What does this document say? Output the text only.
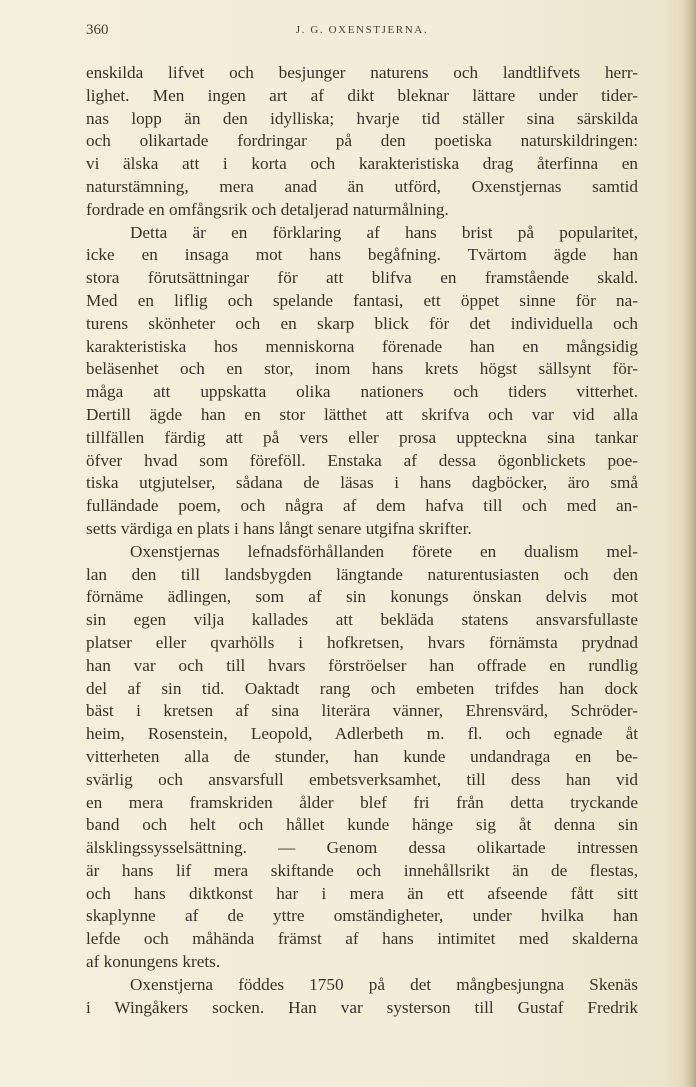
360	J. G. OXENSTJERNA.
enskilda lifvet och besjunger naturens och landtlifvets herr-
lighet. Men ingen art af dikt bleknar lättare under tider-
nas lopp än den idylliska; hvarje tid ställer sina särskilda
och olikartade fordringar på den poetiska naturskildringen:
vi älska att i korta och karakteristiska drag återfinna en
naturstämning, mera anad än utförd, Oxenstjernas samtid
fordrade en omfångsrik och detaljerad naturmålning.
Detta är en förklaring af hans brist på popularitet,
icke en insaga mot hans begåfning. Tvärtom ägde han
stora förutsättningar för att blifva en framstående skald.
Med en liflig och spelande fantasi, ett öppet sinne för na-
turens skönheter och en skarp blick för det individuella och
karakteristiska hos menniskorna förenade han en mångsidig
beläsenhet och en stor, inom hans krets högst sällsynt för-
måga att uppskatta olika nationers och tiders vitterhet.
Dertill ägde han en stor lätthet att skrifva och var vid alla
tillfällen färdig att på vers eller prosa uppteckna sina tankar
öfver hvad som föreföll. Enstaka af dessa ögonblickets poe-
tiska utgjutelser, sådana de läsas i hans dagböcker, äro små
fulländade poem, och några af dem hafva till och med an-
setts värdiga en plats i hans långt senare utgifna skrifter.
Oxenstjernas lefnadsförhållanden förete en dualism mel-
lan den till landsbygden längtande naturentusiasten och den
förnäme ädlingen, som af sin konungs önskan delvis mot
sin egen vilja kallades att bekläda statens ansvarsfullaste
platser eller qvarhölls i hofkretsen, hvars förnämsta prydnad
han var och till hvars förströelser han offrade en rundlig
del af sin tid. Oaktadt rang och embeten trifdes han dock
bäst i kretsen af sina literära vänner, Ehrensvärd, Schröder-
heim, Rosenstein, Leopold, Adlerbeth m. fl. och egnade åt
vitterheten alla de stunder, han kunde undandraga en be-
svärlig och ansvarsfull embetsverksamhet, till dess han vid
en mera framskriden ålder blef fri från detta tryckande
band och helt och hållet kunde hänge sig åt denna sin
älsklingssysselsättning. — Genom dessa olikartade intressen
är hans lif mera skiftande och innehållsrikt än de flestas,
och hans diktkonst har i mera än ett afseende fått sitt
skaplynne af de yttre omständigheter, under hvilka han
lefde och måhända främst af hans intimitet med skalderna
af konungens krets.
Oxenstjerna föddes 1750 på det mångbesjungna Skenäs
i Wingåkers socken. Han var systerson till Gustaf Fredrik
